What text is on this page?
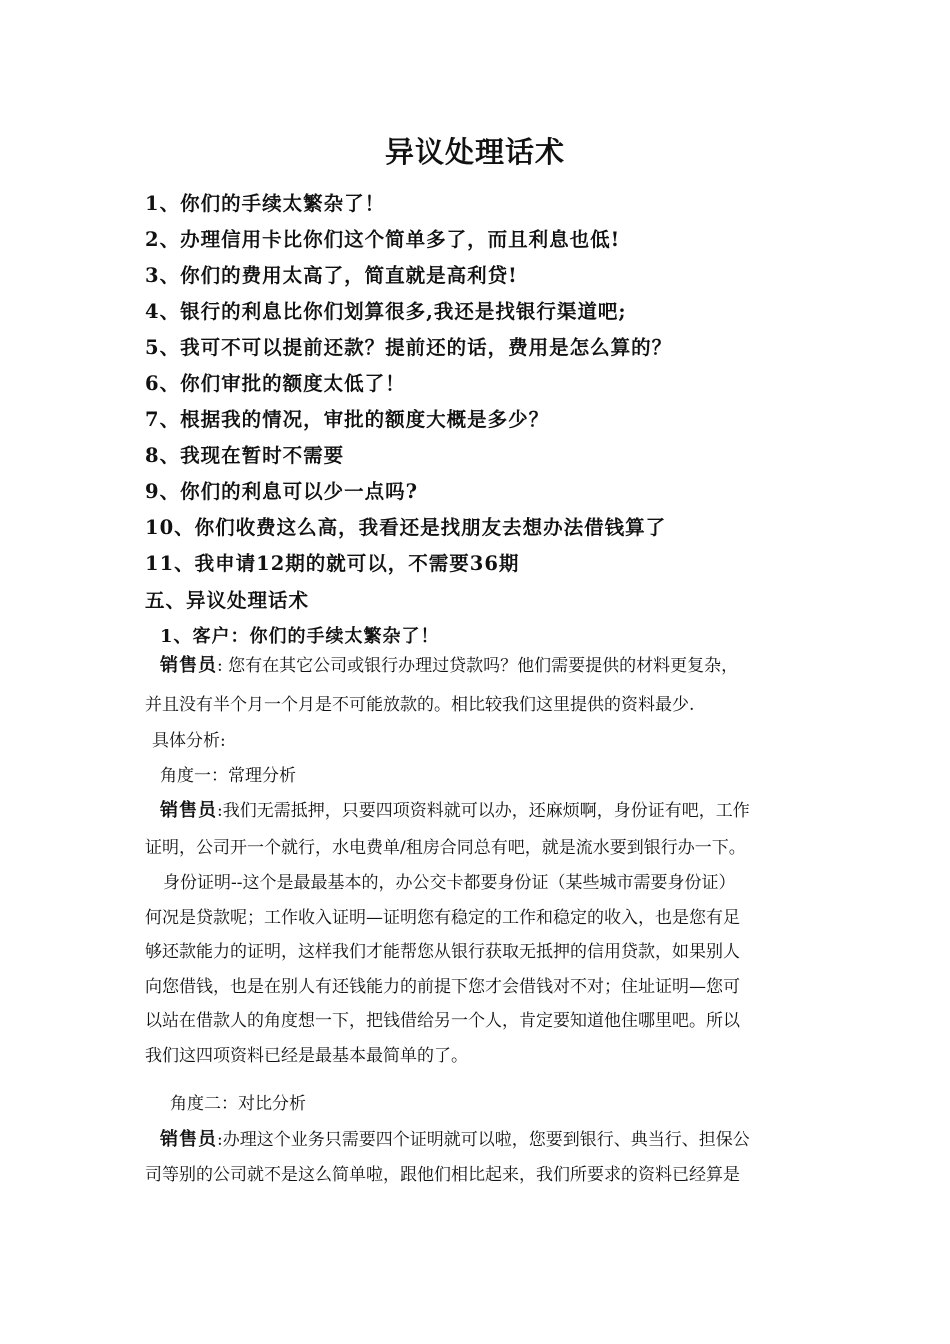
异议处理话术
1、你们的手续太繁杂了！
2、办理信用卡比你们这个简单多了，而且利息也低!
3、你们的费用太高了，简直就是高利贷!
4、银行的利息比你们划算很多,我还是找银行渠道吧;
5、我可不可以提前还款？提前还的话，费用是怎么算的？
6、你们审批的额度太低了！
7、根据我的情况，审批的额度大概是多少？
8、我现在暂时不需要
9、你们的利息可以少一点吗?
10、你们收费这么高，我看还是找朋友去想办法借钱算了
11、我申请12期的就可以，不需要36期
五、异议处理话术
1、客户：你们的手续太繁杂了！
销售员: 您有在其它公司或银行办理过贷款吗？他们需要提供的材料更复杂，
并且没有半个月一个月是不可能放款的。相比较我们这里提供的资料最少.
具体分析:
角度一：常理分析
销售员:我们无需抵押，只要四项资料就可以办，还麻烦啊，身份证有吧，工作
证明，公司开一个就行，水电费单/租房合同总有吧，就是流水要到银行办一下。
身份证明--这个是最最基本的，办公交卡都要身份证（某些城市需要身份证）
何况是贷款呢；工作收入证明—证明您有稳定的工作和稳定的收入，也是您有足
够还款能力的证明，这样我们才能帮您从银行获取无抵押的信用贷款，如果别人
向您借钱，也是在别人有还钱能力的前提下您才会借钱对不对；住址证明—您可
以站在借款人的角度想一下，把钱借给另一个人，肯定要知道他住哪里吧。所以
我们这四项资料已经是最基本最简单的了。
角度二：对比分析
销售员:办理这个业务只需要四个证明就可以啦，您要到银行、典当行、担保公
司等别的公司就不是这么简单啦，跟他们相比起来，我们所要求的资料已经算是
